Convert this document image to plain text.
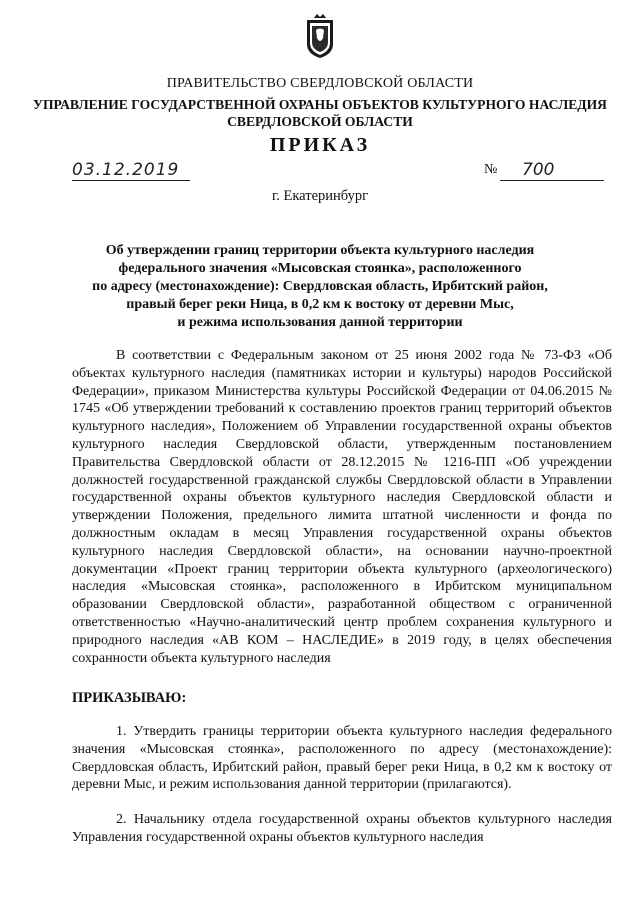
ПРАВИТЕЛЬСТВО СВЕРДЛОВСКОЙ ОБЛАСТИ
УПРАВЛЕНИЕ ГОСУДАРСТВЕННОЙ ОХРАНЫ ОБЪЕКТОВ КУЛЬТУРНОГО НАСЛЕДИЯ
СВЕРДЛОВСКОЙ ОБЛАСТИ
ПРИКАЗ
03.12.2019	№	700
г. Екатеринбург
Об утверждении границ территории объекта культурного наследия
федерального значения «Мысовская стоянка», расположенного
по адресу (местонахождение): Свердловская область, Ирбитский район,
правый берег реки Ница, в 0,2 км к востоку от деревни Мыс,
и режима использования данной территории
В соответствии с Федеральным законом от 25 июня 2002 года № 73-ФЗ «Об объектах культурного наследия (памятниках истории и культуры) народов Российской Федерации», приказом Министерства культуры Российской Федерации от 04.06.2015 № 1745 «Об утверждении требований к составлению проектов границ территорий объектов культурного наследия», Положением об Управлении государственной охраны объектов культурного наследия Свердловской области, утвержденным постановлением Правительства Свердловской области от 28.12.2015 № 1216-ПП «Об учреждении должностей государственной гражданской службы Свердловской области в Управлении государственной охраны объектов культурного наследия Свердловской области и утверждении Положения, предельного лимита штатной численности и фонда по должностным окладам в месяц Управления государственной охраны объектов культурного наследия Свердловской области», на основании научно-проектной документации «Проект границ территории объекта культурного (археологического) наследия «Мысовская стоянка», расположенного в Ирбитском муниципальном образовании Свердловской области», разработанной обществом с ограниченной ответственностью «Научно-аналитический центр проблем сохранения культурного и природного наследия «АВ КОМ – НАСЛЕДИЕ» в 2019 году, в целях обеспечения сохранности объекта культурного наследия
ПРИКАЗЫВАЮ:
1. Утвердить границы территории объекта культурного наследия федерального значения «Мысовская стоянка», расположенного по адресу (местонахождение): Свердловская область, Ирбитский район, правый берег реки Ница, в 0,2 км к востоку от деревни Мыс, и режим использования данной территории (прилагаются).
2. Начальнику отдела государственной охраны объектов культурного наследия Управления государственной охраны объектов культурного наследия
